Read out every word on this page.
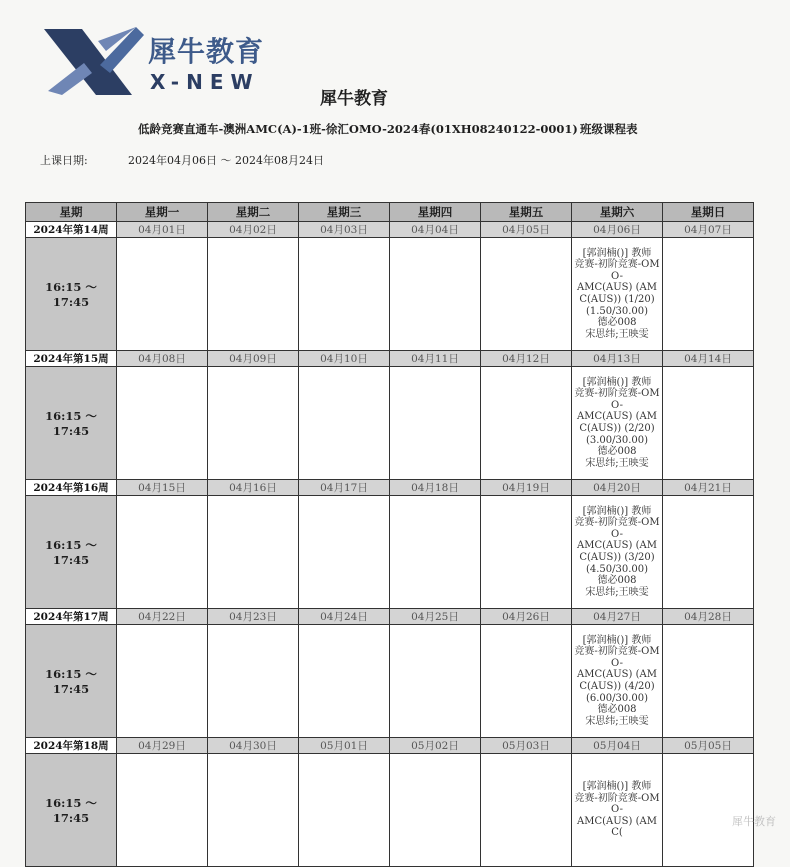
犀牛教育
X-NEW
犀牛教育
低龄竞赛直通车-澳洲AMC(A)-1班-徐汇OMO-2024春(01XH08240122-0001) 班级课程表
上课日期:	2024年04月06日 ～ 2024年08月24日
星期	星期一	星期二	星期三	星期四	星期五	星期六	星期日
2024年第14周	04月01日	04月02日	04月03日	04月04日	04月05日	04月06日	04月07日
16:15 ～ 17:45						[郭润楠()] 教师
竞赛-初阶竞赛-OMO-
AMC(AUS) (AMC(AUS)) (1/20)(1.50/30.00)
德必008
宋思纬;王映雯	

2024年第15周	04月08日	04月09日	04月10日	04月11日	04月12日	04月13日	04月14日
16:15 ～ 17:45						[郭润楠()] 教师
竞赛-初阶竞赛-OMO-
AMC(AUS) (AMC(AUS)) (2/20)(3.00/30.00)
德必008
宋思纬;王映雯	

2024年第16周	04月15日	04月16日	04月17日	04月18日	04月19日	04月20日	04月21日
16:15 ～ 17:45						[郭润楠()] 教师
竞赛-初阶竞赛-OMO-
AMC(AUS) (AMC(AUS)) (3/20)(4.50/30.00)
德必008
宋思纬;王映雯	

2024年第17周	04月22日	04月23日	04月24日	04月25日	04月26日	04月27日	04月28日
16:15 ～ 17:45						[郭润楠()] 教师
竞赛-初阶竞赛-OMO-
AMC(AUS) (AMC(AUS)) (4/20)(6.00/30.00)
德必008
宋思纬;王映雯	

2024年第18周	04月29日	04月30日	05月01日	05月02日	05月03日	05月04日	05月05日
16:15 ～ 17:45						[郭润楠()] 教师
竞赛-初阶竞赛-OMO-
AMC(AUS) (AMC(	

犀牛教育
